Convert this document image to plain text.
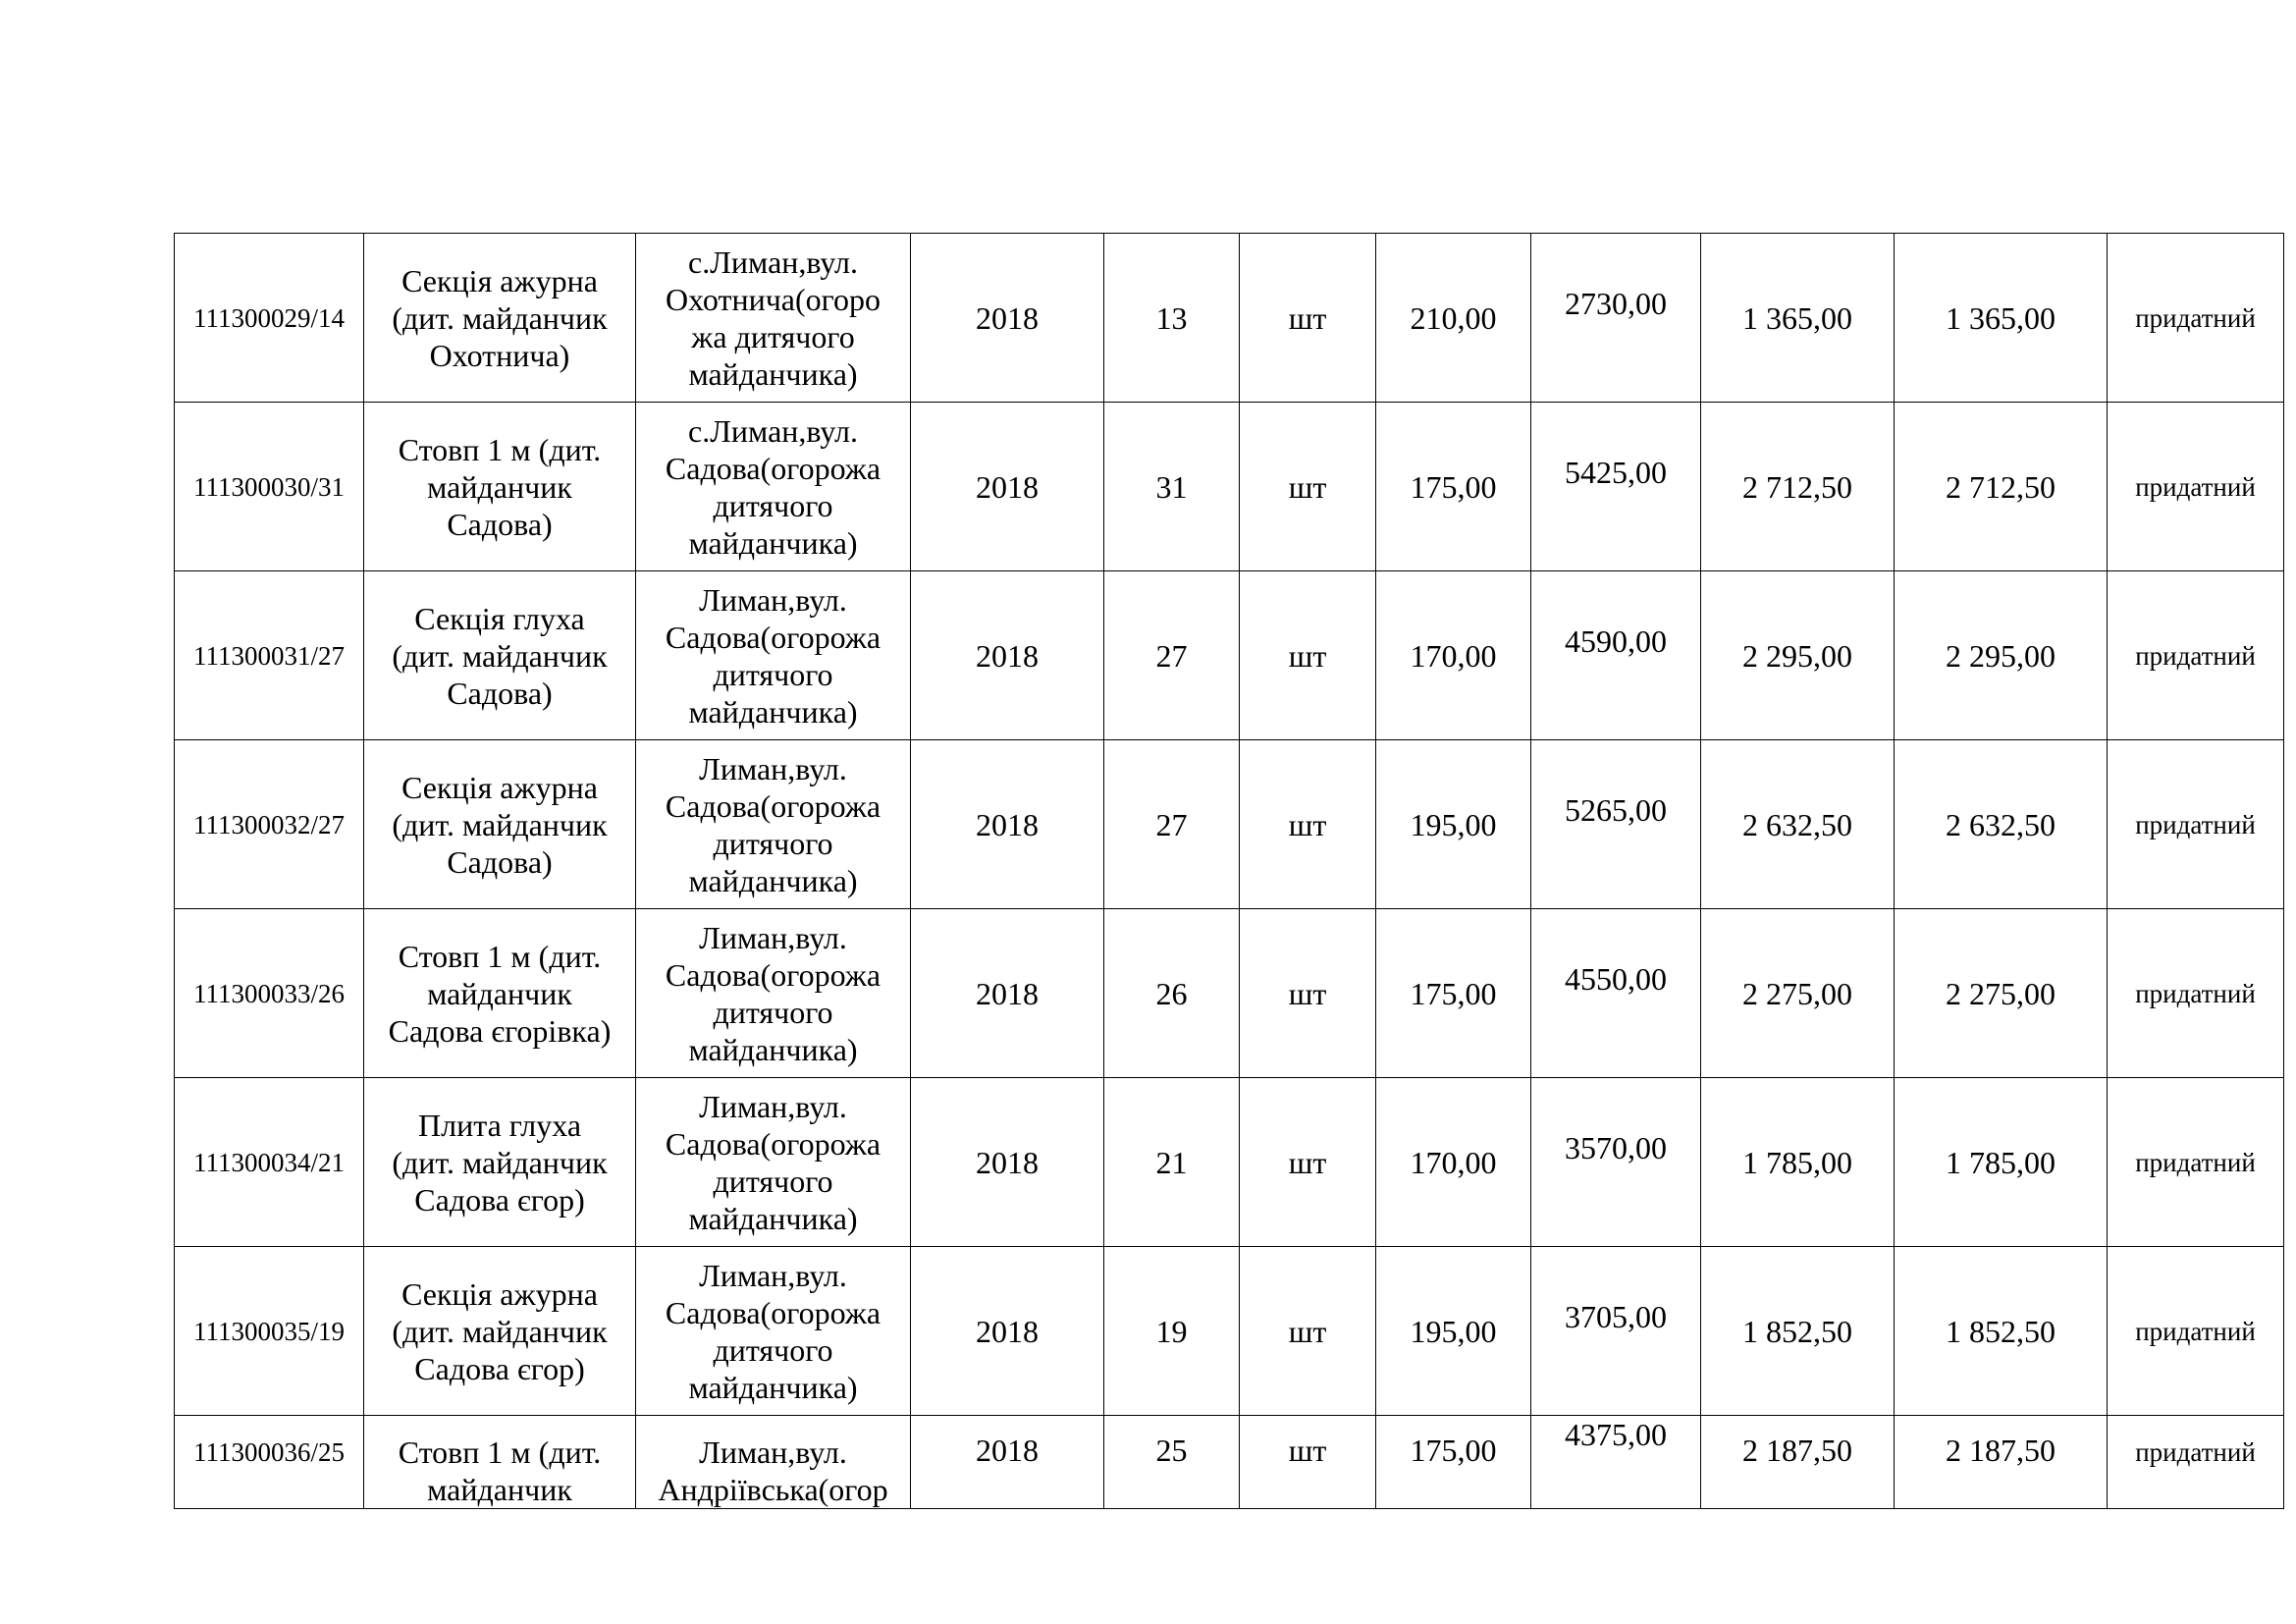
111300029/14	Секція ажурна
(дит. майданчик
Охотнича)	с.Лиман,вул.
Охотнича(огоро
жа дитячого
майданчика)	2018	13	шт	210,00	2730,00	1 365,00	1 365,00	придатний
111300030/31	Стовп 1 м (дит.
майданчик
Садова)	с.Лиман,вул.
Садова(огорожа
дитячого
майданчика)	2018	31	шт	175,00	5425,00	2 712,50	2 712,50	придатний
111300031/27	Секція глуха
(дит. майданчик
Садова)	Лиман,вул.
Садова(огорожа
дитячого
майданчика)	2018	27	шт	170,00	4590,00	2 295,00	2 295,00	придатний
111300032/27	Секція ажурна
(дит. майданчик
Садова)	Лиман,вул.
Садова(огорожа
дитячого
майданчика)	2018	27	шт	195,00	5265,00	2 632,50	2 632,50	придатний
111300033/26	Стовп 1 м (дит.
майданчик
Садова єгорівка)	Лиман,вул.
Садова(огорожа
дитячого
майданчика)	2018	26	шт	175,00	4550,00	2 275,00	2 275,00	придатний
111300034/21	Плита глуха
(дит. майданчик
Садова єгор)	Лиман,вул.
Садова(огорожа
дитячого
майданчика)	2018	21	шт	170,00	3570,00	1 785,00	1 785,00	придатний
111300035/19	Секція ажурна
(дит. майданчик
Садова єгор)	Лиман,вул.
Садова(огорожа
дитячого
майданчика)	2018	19	шт	195,00	3705,00	1 852,50	1 852,50	придатний
111300036/25	Стовп 1 м (дит.
майданчик	Лиман,вул.
Андріївська(огор	2018	25	шт	175,00	4375,00	2 187,50	2 187,50	придатний
